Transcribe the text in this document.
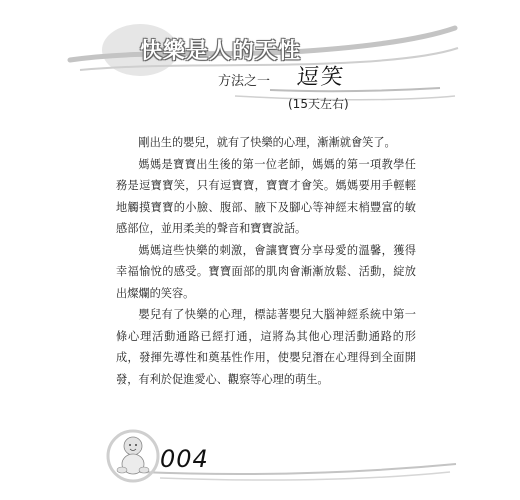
快樂是人的天性
方法之一 逗笑
(15天左右)

剛出生的嬰兒，就有了快樂的心理，漸漸就會笑了。

媽媽是寶寶出生後的第一位老師，媽媽的第一項教學任務是逗寶寶笑，只有逗寶寶，寶寶才會笑。媽媽要用手輕輕地觸摸寶寶的小臉、腹部、腋下及腳心等神經末梢豐富的敏感部位，並用柔美的聲音和寶寶說話。

媽媽這些快樂的刺激，會讓寶寶分享母愛的溫馨，獲得幸福愉悅的感受。寶寶面部的肌肉會漸漸放鬆、活動，綻放出燦爛的笑容。

嬰兒有了快樂的心理，標誌著嬰兒大腦神經系統中第一條心理活動通路已經打通，這將為其他心理活動通路的形成，發揮先導性和奠基性作用，使嬰兒潛在心理得到全面開發，有利於促進愛心、觀察等心理的萌生。

004
